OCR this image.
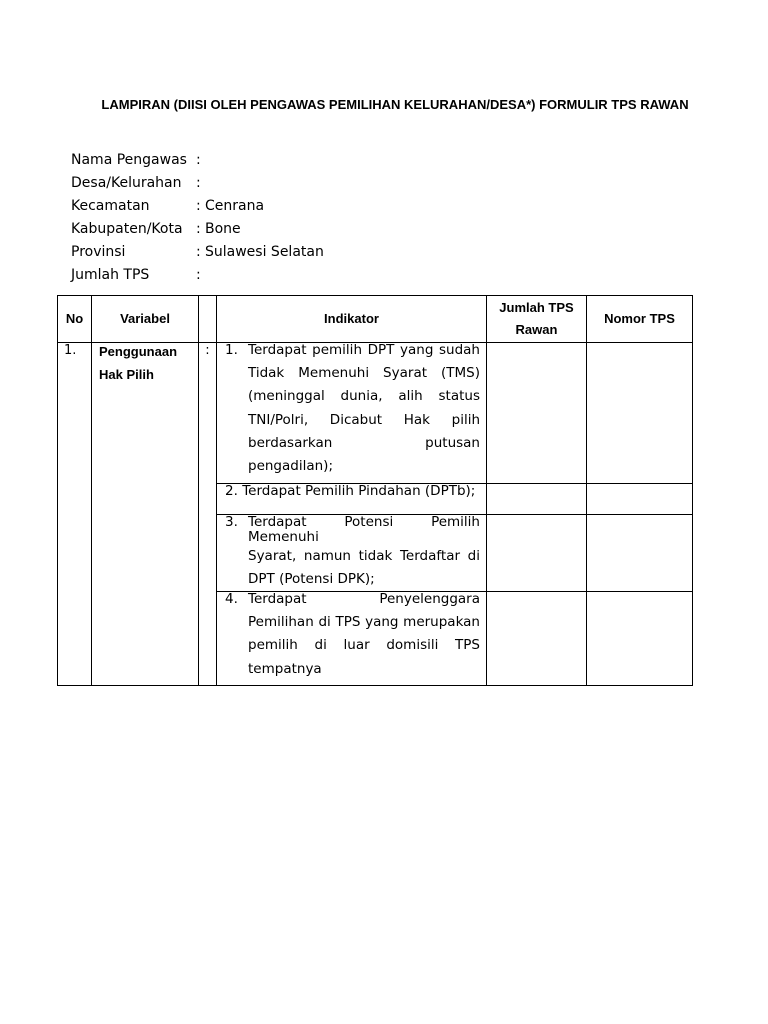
LAMPIRAN (DIISI OLEH PENGAWAS PEMILIHAN KELURAHAN/DESA*) FORMULIR TPS RAWAN
Nama Pengawas :
Desa/Kelurahan :
Kecamatan	: Cenrana
Kabupaten/Kota : Bone
Provinsi	: Sulawesi Selatan
Jumlah TPS	:
No	Variabel		Indikator	Jumlah TPS Rawan	Nomor TPS

1.	Penggunaan Hak Pilih	:	1. Terdapat pemilih DPT yang sudah Tidak Memenuhi Syarat (TMS) (meninggal dunia, alih status TNI/Polri, Dicabut Hak pilih berdasarkan putusan pengadilan);		

			2. Terdapat Pemilih Pindahan (DPTb);		

			3. Terdapat Potensi Pemilih Memenuhi
Syarat, namun tidak Terdaftar di DPT (Potensi DPK);		

			4. Terdapat Penyelenggara Pemilihan di TPS yang merupakan pemilih di luar domisili TPS tempatnya		
